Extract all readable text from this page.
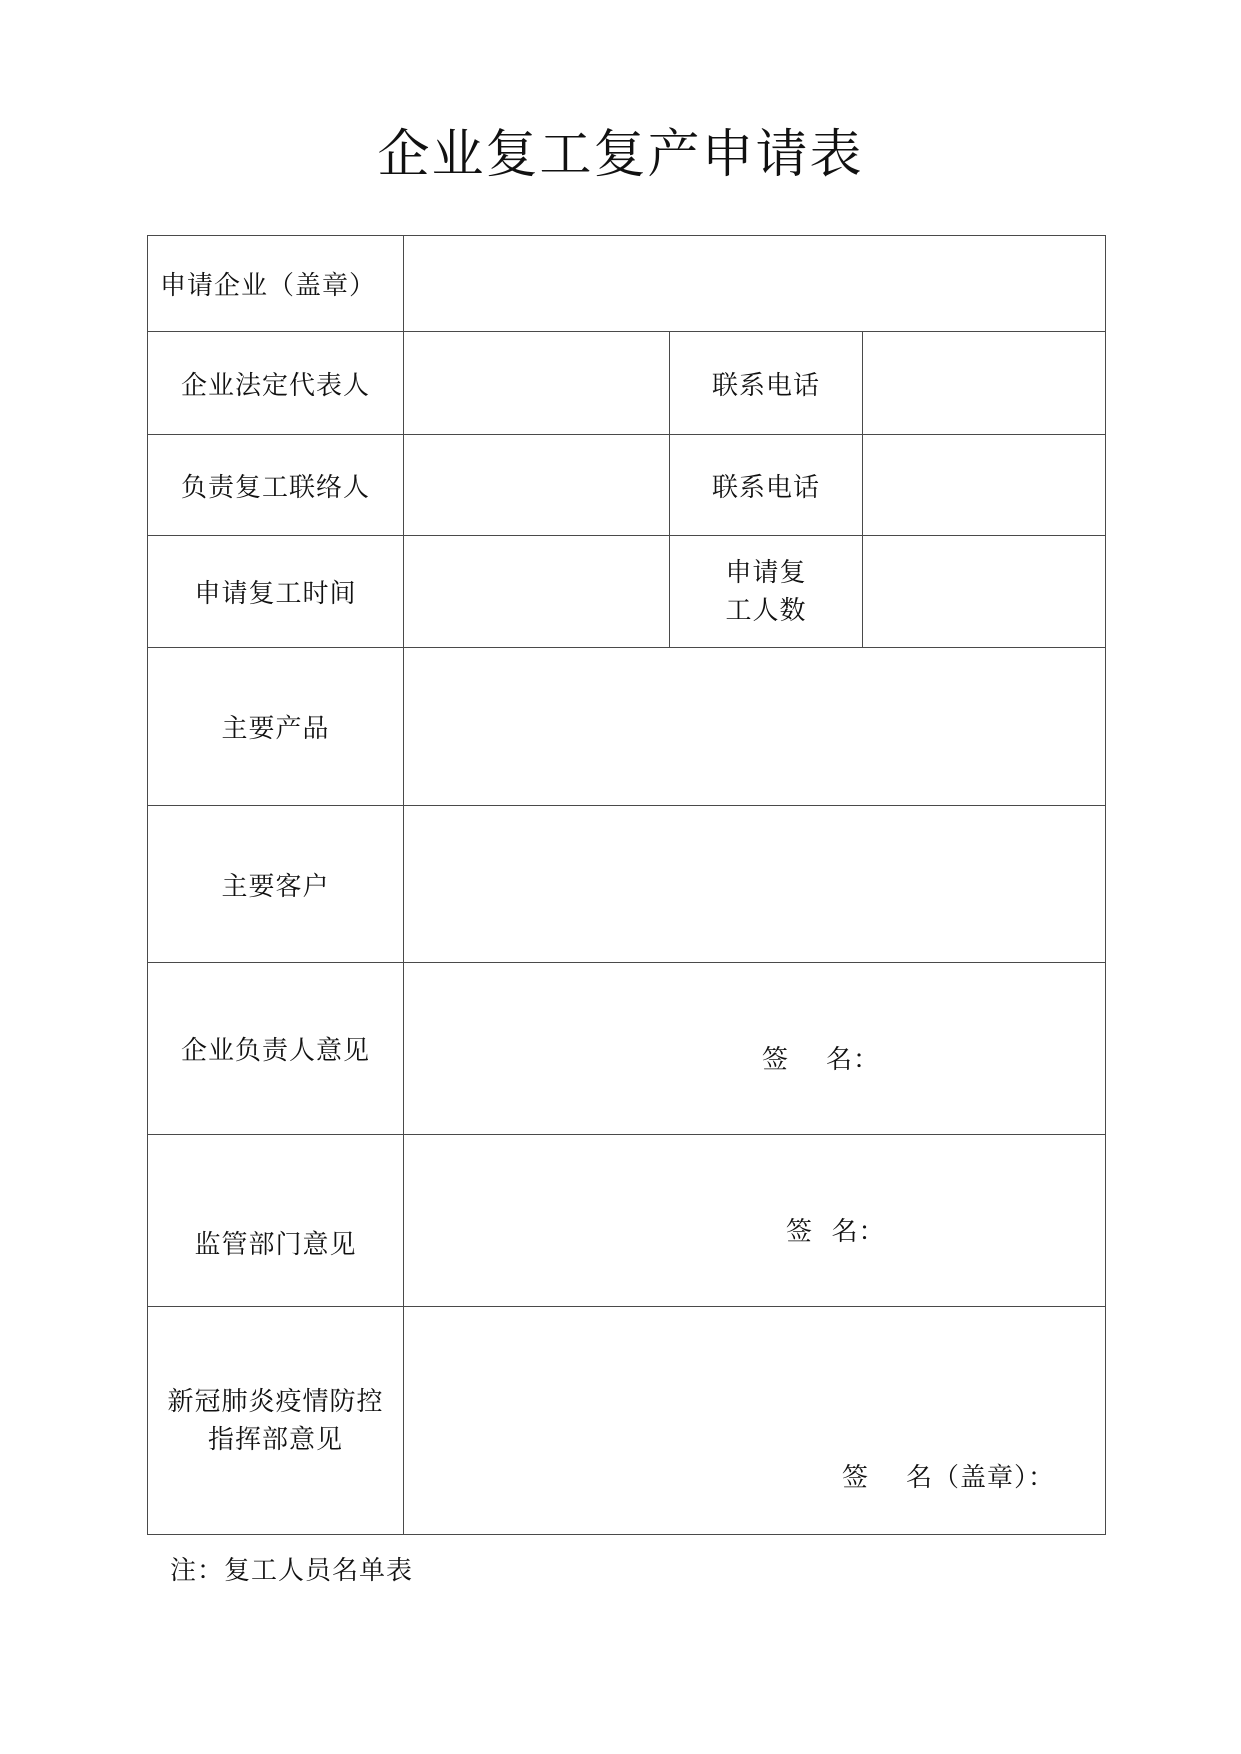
企业复工复产申请表
申请企业（盖章）			
企业法定代表人		联系电话	
负责复工联络人		联系电话	
申请复工时间		申请复
工人数	
主要产品			
主要客户			
企业负责人意见	签    名：		

监管部门意见	签  名：		

新冠肺炎疫情防控
指挥部意见	签    名（盖章）：		
注：复工人员名单表
